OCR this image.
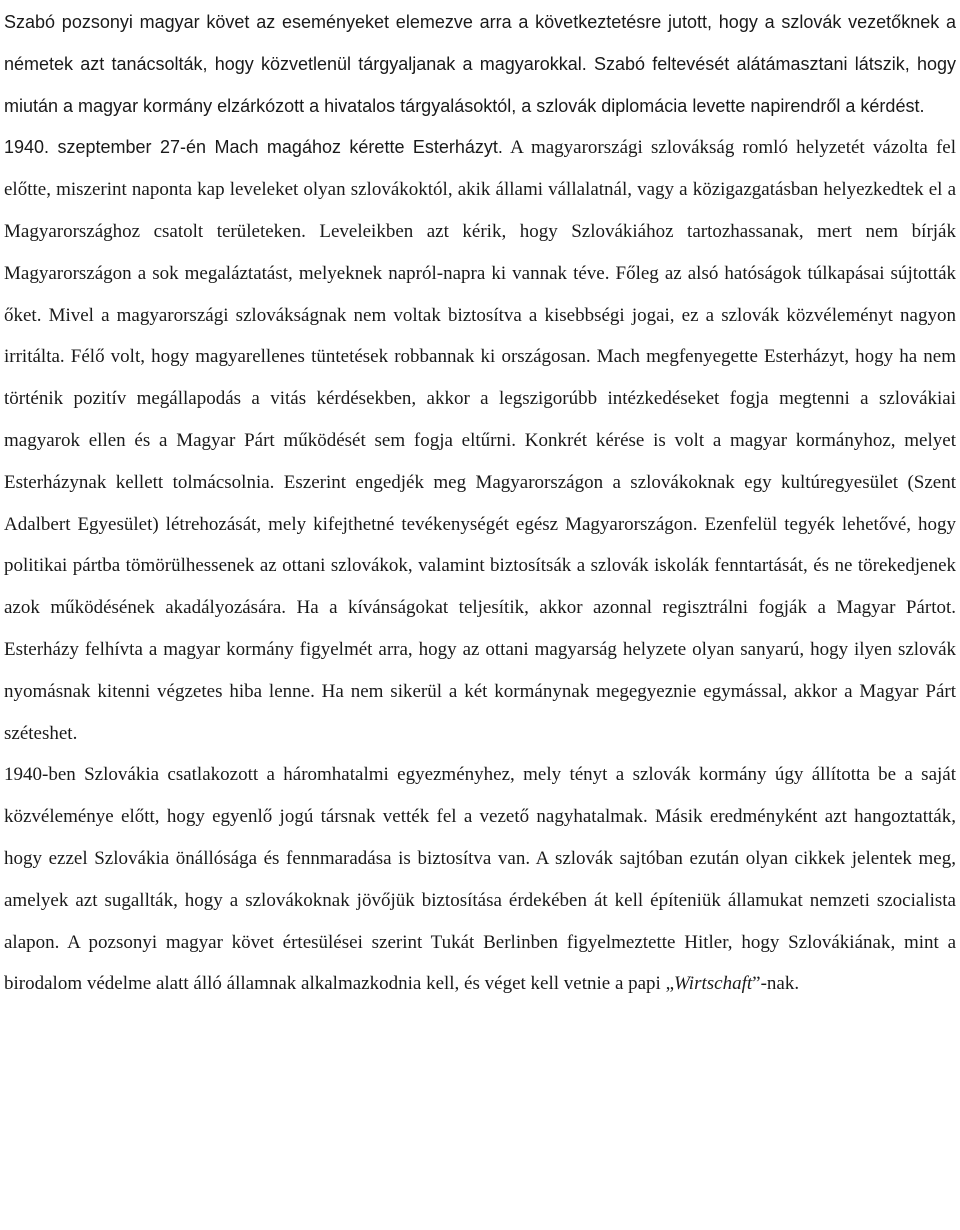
Szabó pozsonyi magyar követ az eseményeket elemezve arra a következtetésre jutott, hogy a szlovák vezetőknek a németek azt tanácsolták, hogy közvetlenül tárgyaljanak a magyarokkal. Szabó feltevését alátámasztani látszik, hogy miután a magyar kormány elzárkózott a hivatalos tárgyalásoktól, a szlovák diplomácia levette napirendről a kérdést.

1940. szeptember 27-én Mach magához kérette Esterházyt. A magyarországi szlovákság romló helyzetét vázolta fel előtte, miszerint naponta kap leveleket olyan szlovákoktól, akik állami vállalatnál, vagy a közigazgatásban helyezkedtek el a Magyarországhoz csatolt területeken. Leveleikben azt kérik, hogy Szlovákiához tartozhassanak, mert nem bírják Magyarországon a sok megaláztatást, melyeknek napról-napra ki vannak téve. Főleg az alsó hatóságok túlkapásai sújtották őket. Mivel a magyarországi szlovákságnak nem voltak biztosítva a kisebbségi jogai, ez a szlovák közvéleményt nagyon irritálta. Félő volt, hogy magyarellenes tüntetések robbannak ki országosan. Mach megfenyegette Esterházyt, hogy ha nem történik pozitív megállapodás a vitás kérdésekben, akkor a legszigorúbb intézkedéseket fogja megtenni a szlovákiai magyarok ellen és a Magyar Párt működését sem fogja eltűrni. Konkrét kérése is volt a magyar kormányhoz, melyet Esterházynak kellett tolmácsolnia. Eszerint engedjék meg Magyarországon a szlovákoknak egy kultúregyesület (Szent Adalbert Egyesület) létrehozását, mely kifejthetné tevékenységét egész Magyarországon. Ezenfelül tegyék lehetővé, hogy politikai pártba tömörülhessenek az ottani szlovákok, valamint biztosítsák a szlovák iskolák fenntartását, és ne törekedjenek azok működésének akadályozására. Ha a kívánságokat teljesítik, akkor azonnal regisztrálni fogják a Magyar Pártot. Esterházy felhívta a magyar kormány figyelmét arra, hogy az ottani magyarság helyzete olyan sanyarú, hogy ilyen szlovák nyomásnak kitenni végzetes hiba lenne. Ha nem sikerül a két kormánynak megegyeznie egymással, akkor a Magyar Párt széteshet.

1940-ben Szlovákia csatlakozott a háromhatalmi egyezményhez, mely tényt a szlovák kormány úgy állította be a saját közvéleménye előtt, hogy egyenlő jogú társnak vették fel a vezető nagyhatalmak. Másik eredményként azt hangoztatták, hogy ezzel Szlovákia önállósága és fennmaradása is biztosítva van. A szlovák sajtóban ezután olyan cikkek jelentek meg, amelyek azt sugallták, hogy a szlovákoknak jövőjük biztosítása érdekében át kell építeniük államukat nemzeti szocialista alapon. A pozsonyi magyar követ értesülései szerint Tukát Berlinben figyelmeztette Hitler, hogy Szlovákiának, mint a birodalom védelme alatt álló államnak alkalmazkodnia kell, és véget kell vetnie a papi „Wirtschaft”-nak.
